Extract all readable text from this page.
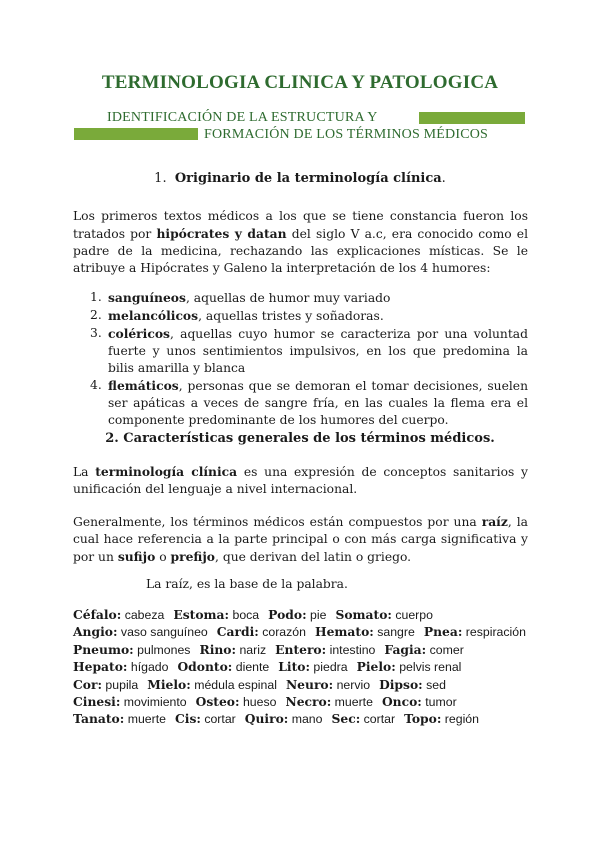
TERMINOLOGIA CLINICA Y PATOLOGICA
IDENTIFICACIÓN DE LA ESTRUCTURA Y
FORMACIÓN DE LOS TÉRMINOS MÉDICOS
1. Originario de la terminología clínica.
Los primeros textos médicos a los que se tiene constancia fueron los tratados por hipócrates y datan del siglo V a.c, era conocido como el padre de la medicina, rechazando las explicaciones místicas. Se le atribuye a Hipócrates y Galeno la interpretación de los 4 humores:
1. sanguíneos, aquellas de humor muy variado
2. melancólicos, aquellas tristes y soñadoras.
3. coléricos, aquellas cuyo humor se caracteriza por una voluntad fuerte y unos sentimientos impulsivos, en los que predomina la bilis amarilla y blanca
4. flemáticos, personas que se demoran el tomar decisiones, suelen ser apáticas a veces de sangre fría, en las cuales la flema era el componente predominante de los humores del cuerpo.
2. Características generales de los términos médicos.
La terminología clínica es una expresión de conceptos sanitarios y unificación del lenguaje a nivel internacional.
Generalmente, los términos médicos están compuestos por una raíz, la cual hace referencia a la parte principal o con más carga significativa y por un sufijo o prefijo, que derivan del latin o griego.
La raíz, es la base de la palabra.
Céfalo: cabeza Estoma: boca Podo: pie Somato: cuerpo
Angio: vaso sanguíneo Cardi: corazón Hemato: sangre Pnea: respiración
Pneumo: pulmones Rino: nariz Entero: intestino Fagia: comer
Hepato: hígado Odonto: diente Lito: piedra Pielo: pelvis renal
Cor: pupila Mielo: médula espinal Neuro: nervio Dipso: sed
Cinesi: movimiento Osteo: hueso Necro: muerte Onco: tumor
Tanato: muerte Cis: cortar Quiro: mano Sec: cortar Topo: región
